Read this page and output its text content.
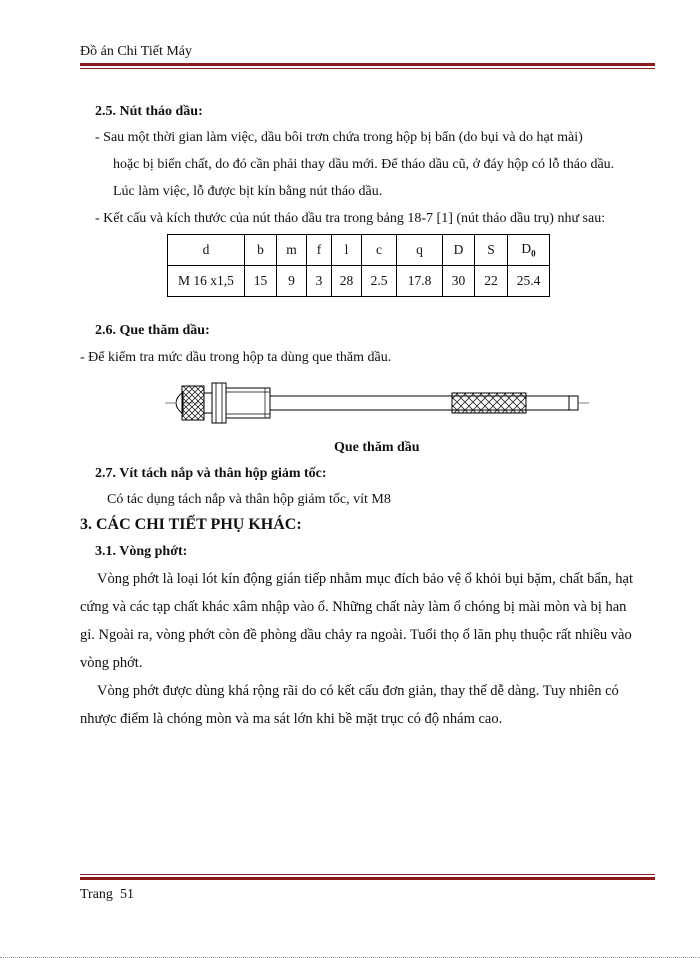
Đồ án Chi Tiết Máy
2.5. Nút tháo dầu:
- Sau một thời gian làm việc, dầu bôi trơn chứa trong hộp bị bẩn (do bụi và do hạt mài)
hoặc bị biến chất, do đó cần phải thay dầu mới. Để tháo dầu cũ, ở đáy hộp có lỗ tháo dầu.
Lúc làm việc, lỗ được bịt kín bằng nút tháo dầu.
- Kết cấu và kích thước của nút tháo dầu tra trong bảng 18-7 [1] (nút tháo dầu trụ) như sau:
d	b	m	f	l	c	q	D	S	$D_0$
M 16 x1,5	15	9	3	28	2.5	17.8	30	22	25.4
2.6. Que thăm dầu:
- Để kiểm tra mức dầu trong hộp ta dùng que thăm dầu.
Que thăm dầu
2.7. Vít tách nắp và thân hộp giảm tốc:
Có tác dụng tách nắp và thân hộp giảm tốc, vít M8
3. CÁC CHI TIẾT PHỤ KHÁC:
3.1. Vòng phớt:
Vòng phớt là loại lót kín động gián tiếp nhằm mục đích bảo vệ ổ khỏi bụi bặm, chất bẩn, hạt
cứng và các tạp chất khác xâm nhập vào ổ. Những chất này làm ổ chóng bị mài mòn và bị han
gỉ. Ngoài ra, vòng phớt còn đề phòng dầu chảy ra ngoài. Tuổi thọ ổ lăn phụ thuộc rất nhiều vào
vòng phớt.
Vòng phớt được dùng khá rộng rãi do có kết cấu đơn giản, thay thế dễ dàng. Tuy nhiên có
nhược điểm là chóng mòn và ma sát lớn khi bề mặt trục có độ nhám cao.
Trang 51
